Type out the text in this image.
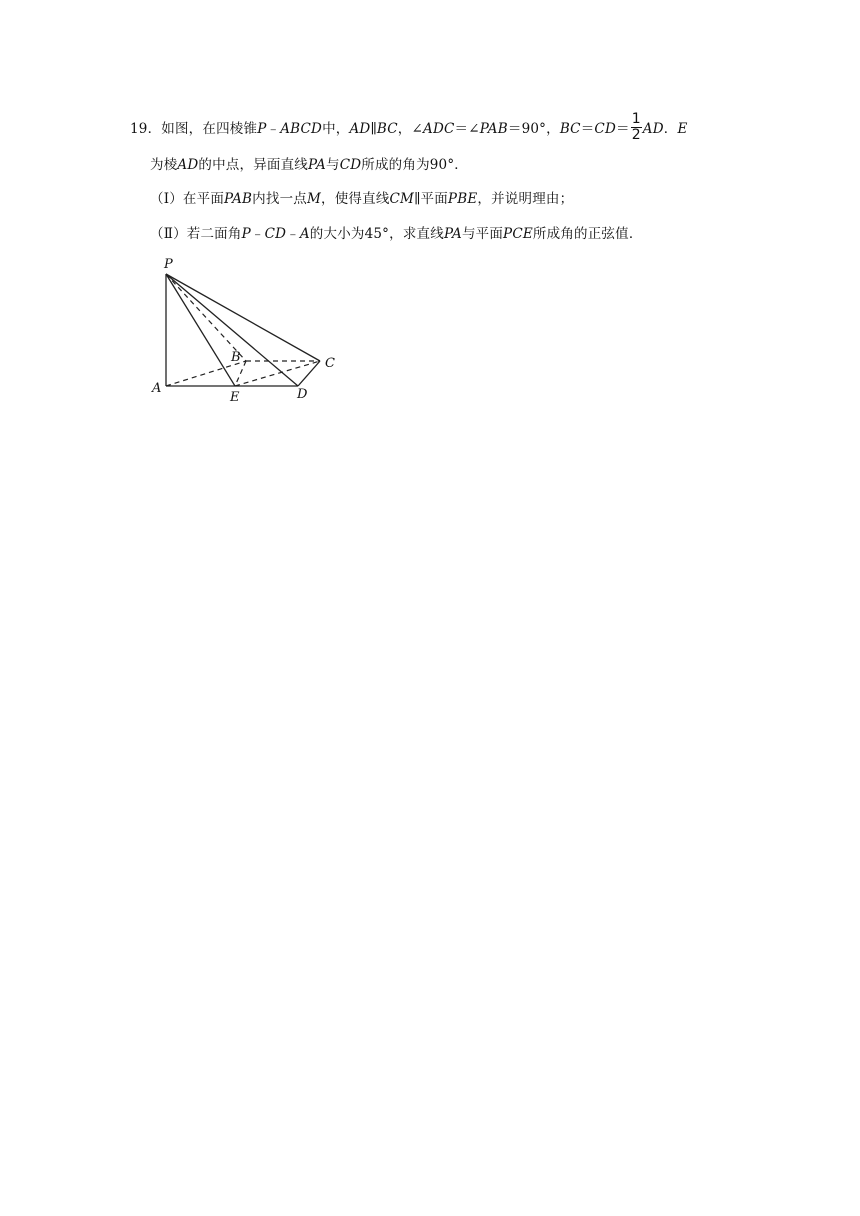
19．如图，在四棱锥P﹣ABCD中，AD∥BC，∠ADC＝∠PAB＝90°，$BC=CD= \frac{1}{2}$ AD．E
为棱AD的中点，异面直线PA与CD所成的角为90°．
（Ⅰ）在平面PAB内找一点M，使得直线CM∥平面PBE，并说明理由；
（Ⅱ）若二面角P﹣CD﹣A的大小为45°，求直线PA与平面PCE所成角的正弦值．
P
A
B	C
D
E
